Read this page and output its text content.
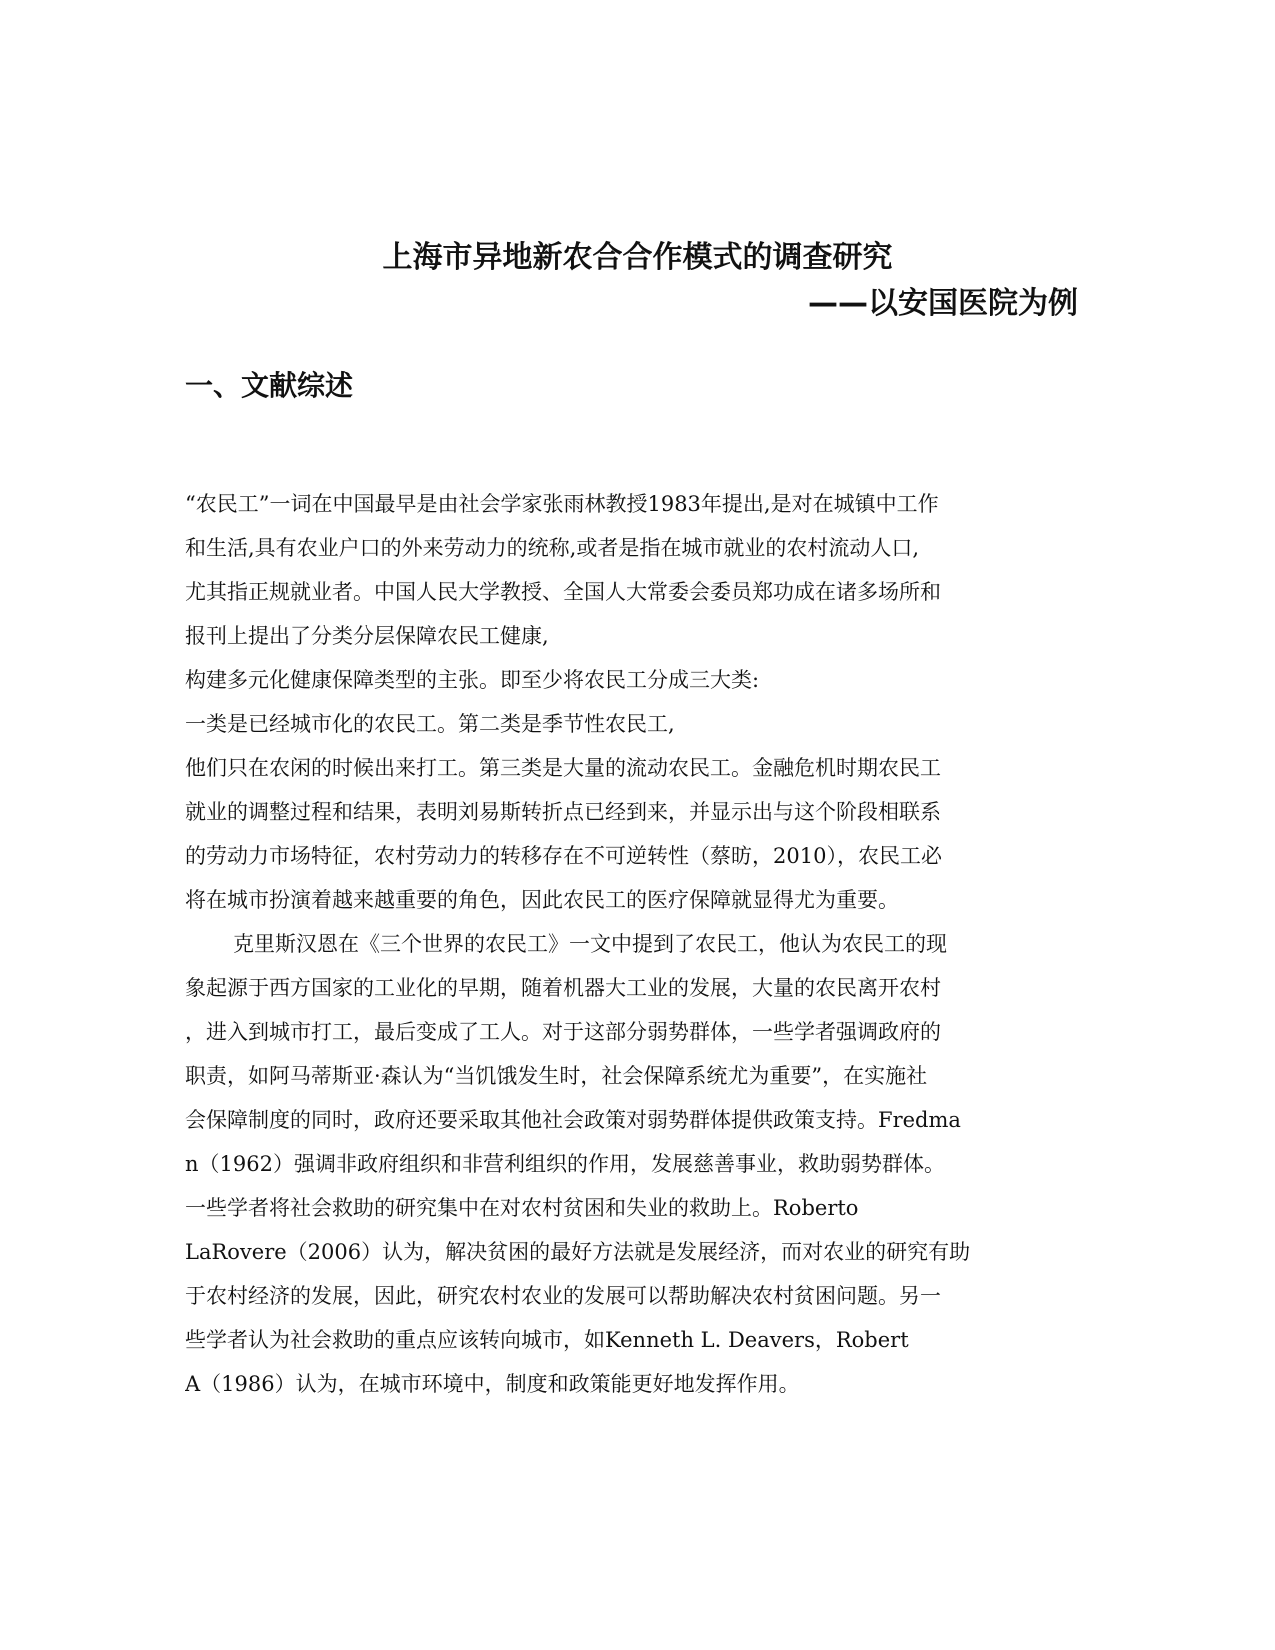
上海市异地新农合合作模式的调查研究
——以安国医院为例
一、文献综述
“农民工”一词在中国最早是由社会学家张雨林教授1983年提出,是对在城镇中工作
和生活,具有农业户口的外来劳动力的统称,或者是指在城市就业的农村流动人口,
尤其指正规就业者。中国人民大学教授、全国人大常委会委员郑功成在诸多场所和
报刊上提出了分类分层保障农民工健康,
构建多元化健康保障类型的主张。即至少将农民工分成三大类:
一类是已经城市化的农民工。第二类是季节性农民工,
他们只在农闲的时候出来打工。第三类是大量的流动农民工。金融危机时期农民工
就业的调整过程和结果，表明刘易斯转折点已经到来，并显示出与这个阶段相联系
的劳动力市场特征，农村劳动力的转移存在不可逆转性（蔡昉，2010），农民工必
将在城市扮演着越来越重要的角色，因此农民工的医疗保障就显得尤为重要。
克里斯汉恩在《三个世界的农民工》一文中提到了农民工，他认为农民工的现
象起源于西方国家的工业化的早期，随着机器大工业的发展，大量的农民离开农村
，进入到城市打工，最后变成了工人。对于这部分弱势群体，一些学者强调政府的
职责，如阿马蒂斯亚·森认为“当饥饿发生时，社会保障系统尤为重要”，在实施社
会保障制度的同时，政府还要采取其他社会政策对弱势群体提供政策支持。Fredma
n（1962）强调非政府组织和非营利组织的作用，发展慈善事业，救助弱势群体。
一些学者将社会救助的研究集中在对农村贫困和失业的救助上。Roberto
LaRovere（2006）认为，解决贫困的最好方法就是发展经济，而对农业的研究有助
于农村经济的发展，因此，研究农村农业的发展可以帮助解决农村贫困问题。另一
些学者认为社会救助的重点应该转向城市，如Kenneth L. Deavers，Robert
A（1986）认为，在城市环境中，制度和政策能更好地发挥作用。
